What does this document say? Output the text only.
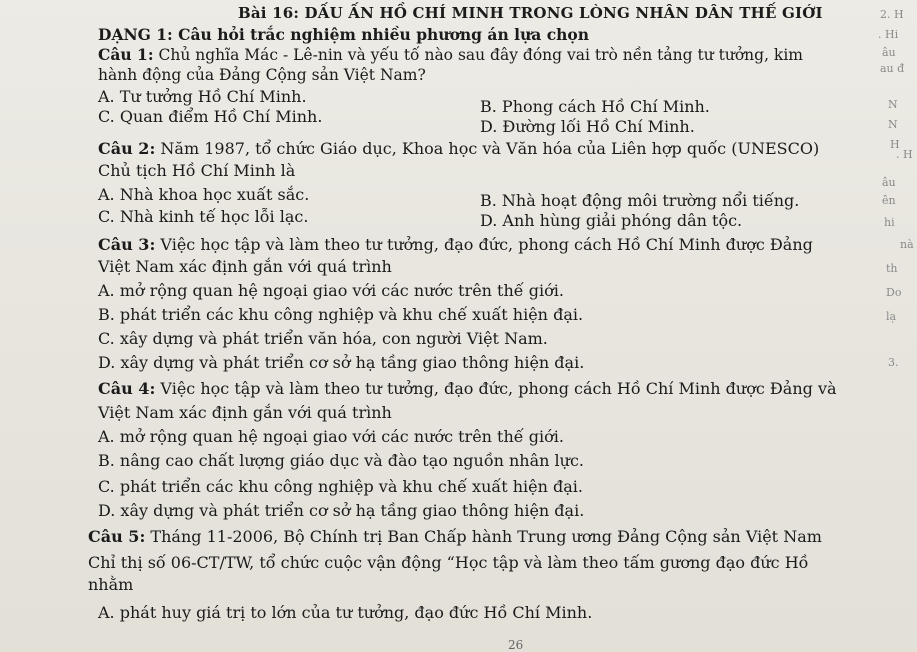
Bài 16: DẤU ẤN HỒ CHÍ MINH TRONG LÒNG NHÂN DÂN THẾ GIỚI
DẠNG 1: Câu hỏi trắc nghiệm nhiều phương án lựa chọn
Câu 1: Chủ nghĩa Mác - Lê-nin và yếu tố nào sau đây đóng vai trò nền tảng tư tưởng, kim
hành động của Đảng Cộng sản Việt Nam?
A. Tư tưởng Hồ Chí Minh.
B. Phong cách Hồ Chí Minh.
C. Quan điểm Hồ Chí Minh.
D. Đường lối Hồ Chí Minh.
Câu 2: Năm 1987, tổ chức Giáo dục, Khoa học và Văn hóa của Liên hợp quốc (UNESCO)
Chủ tịch Hồ Chí Minh là
A. Nhà khoa học xuất sắc.	B. Nhà hoạt động môi trường nổi tiếng.
C. Nhà kinh tế học lỗi lạc.	D. Anh hùng giải phóng dân tộc.
Câu 3: Việc học tập và làm theo tư tưởng, đạo đức, phong cách Hồ Chí Minh được Đảng
Việt Nam xác định gắn với quá trình
A. mở rộng quan hệ ngoại giao với các nước trên thế giới.
B. phát triển các khu công nghiệp và khu chế xuất hiện đại.
C. xây dựng và phát triển văn hóa, con người Việt Nam.
D. xây dựng và phát triển cơ sở hạ tầng giao thông hiện đại.
Câu 4: Việc học tập và làm theo tư tưởng, đạo đức, phong cách Hồ Chí Minh được Đảng và
Việt Nam xác định gắn với quá trình
A. mở rộng quan hệ ngoại giao với các nước trên thế giới.
B. nâng cao chất lượng giáo dục và đào tạo nguồn nhân lực.
C. phát triển các khu công nghiệp và khu chế xuất hiện đại.
D. xây dựng và phát triển cơ sở hạ tầng giao thông hiện đại.
Câu 5: Tháng 11-2006, Bộ Chính trị Ban Chấp hành Trung ương Đảng Cộng sản Việt Nam
Chỉ thị số 06-CT/TW, tổ chức cuộc vận động “Học tập và làm theo tấm gương đạo đức Hồ
nhằm
A. phát huy giá trị to lớn của tư tưởng, đạo đức Hồ Chí Minh.
26
2. H
. Hi
âu
au đ
N
N
H
. H
âu
ên
hi
nà
th
Do
lạ
3.
